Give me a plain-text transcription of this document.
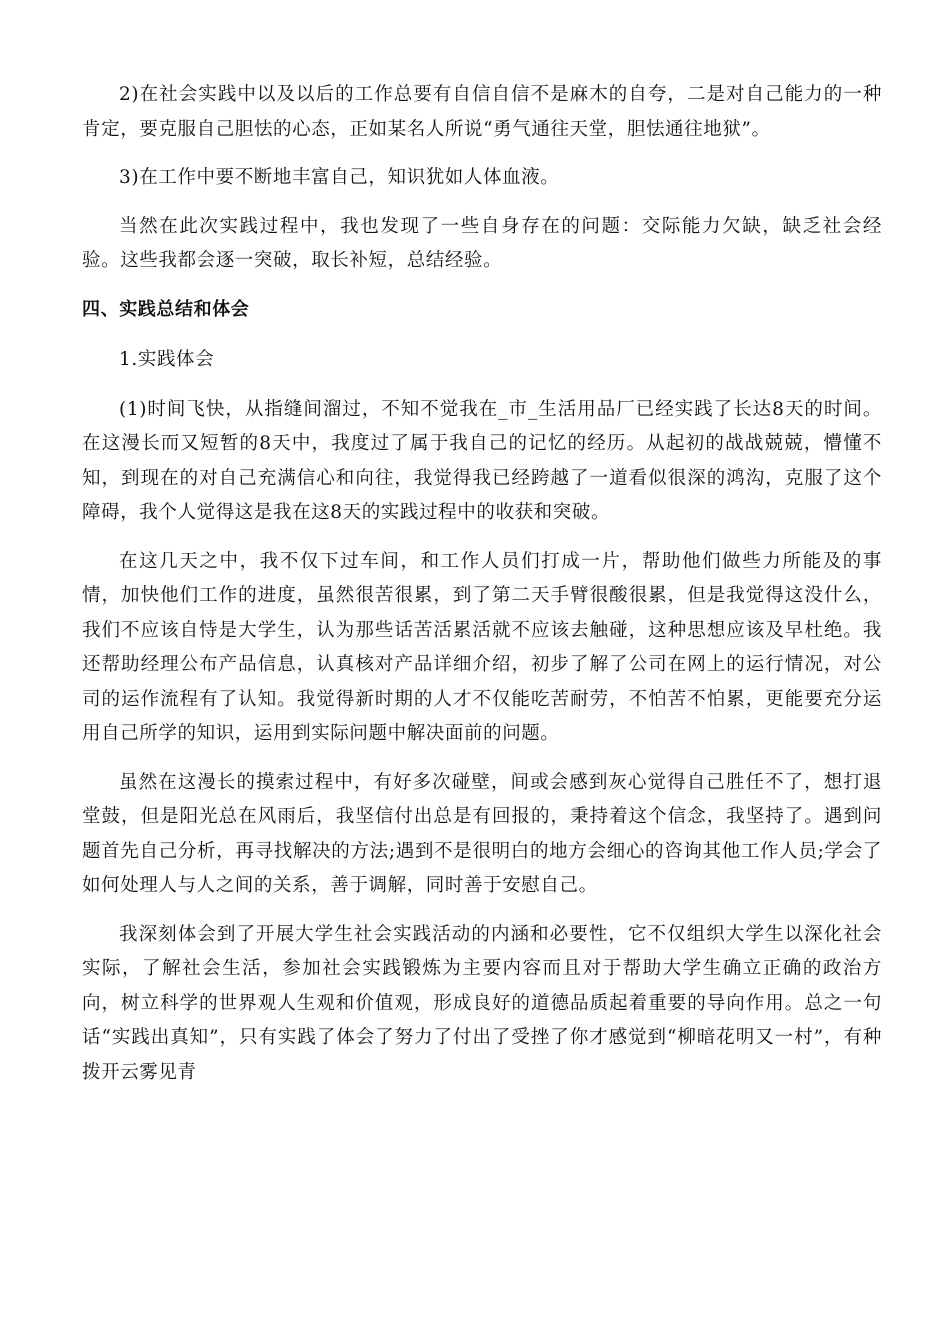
2)在社会实践中以及以后的工作总要有自信自信不是麻木的自夸，二是对自己能力的一种肯定，要克服自己胆怯的心态，正如某名人所说“勇气通往天堂，胆怯通往地狱”。

3)在工作中要不断地丰富自己，知识犹如人体血液。

当然在此次实践过程中，我也发现了一些自身存在的问题：交际能力欠缺，缺乏社会经验。这些我都会逐一突破，取长补短，总结经验。

四、实践总结和体会
1.实践体会

(1)时间飞快，从指缝间溜过，不知不觉我在_市_生活用品厂已经实践了长达8天的时间。在这漫长而又短暂的8天中，我度过了属于我自己的记忆的经历。从起初的战战兢兢，懵懂不知，到现在的对自己充满信心和向往，我觉得我已经跨越了一道看似很深的鸿沟，克服了这个障碍，我个人觉得这是我在这8天的实践过程中的收获和突破。

在这几天之中，我不仅下过车间，和工作人员们打成一片，帮助他们做些力所能及的事情，加快他们工作的进度，虽然很苦很累，到了第二天手臂很酸很累，但是我觉得这没什么，我们不应该自恃是大学生，认为那些话苦活累活就不应该去触碰，这种思想应该及早杜绝。我还帮助经理公布产品信息，认真核对产品详细介绍，初步了解了公司在网上的运行情况，对公司的运作流程有了认知。我觉得新时期的人才不仅能吃苦耐劳，不怕苦不怕累，更能要充分运用自己所学的知识，运用到实际问题中解决面前的问题。

虽然在这漫长的摸索过程中，有好多次碰壁，间或会感到灰心觉得自己胜任不了，想打退堂鼓，但是阳光总在风雨后，我坚信付出总是有回报的，秉持着这个信念，我坚持了。遇到问题首先自己分析，再寻找解决的方法;遇到不是很明白的地方会细心的咨询其他工作人员;学会了如何处理人与人之间的关系，善于调解，同时善于安慰自己。

我深刻体会到了开展大学生社会实践活动的内涵和必要性，它不仅组织大学生以深化社会实际，了解社会生活，参加社会实践锻炼为主要内容而且对于帮助大学生确立正确的政治方向，树立科学的世界观人生观和价值观，形成良好的道德品质起着重要的导向作用。总之一句话“实践出真知”，只有实践了体会了努力了付出了受挫了你才感觉到“柳暗花明又一村”，有种拨开云雾见青
